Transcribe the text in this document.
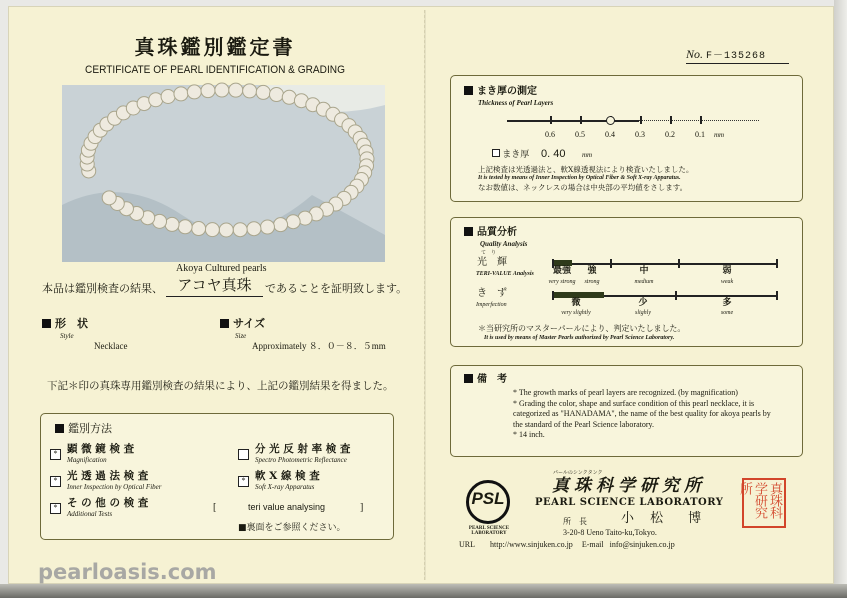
真珠鑑別鑑定書
CERTIFICATE OF PEARL IDENTIFICATION & GRADING
Akoya Cultured pearls
本品は鑑別検査の結果、 アコヤ真珠	であることを証明致します。
形　状
Style
Necklace
サイズ
Size
Approximately ８．０－８．５mm
下記＊印の真珠専用鑑別検査の結果により、上記の鑑別結果を得ました。
鑑別方法
* 顕 微 鏡 検 査
Magnification
* 光 透 過 法 検 査
Inner Inspection by Optical Fiber
* そ の 他 の 検 査
Additional Tests
分 光 反 射 率 検 査
Spectro Photometric Reflectance
* 軟 X 線 検 査
Soft X-ray Apparatus
[	teri value analysing	]
■裏面をご参照ください。
pearloasis.com
No. F－135268
まき厚の測定
Thickness of Pearl Layers
0.6	0.5	0.4	0.3	0.2	0.1	mm
まき厚 0. 40 mm
上記検査は光透過法と、軟X線透視法により検査いたしました。
It is tested by means of Inner Inspection by Optical Fiber & Soft X-ray Apparatus.
なお数値は、ネックレスの場合は中央部の平均値をさします。
品質分析
Quality Analysis
て　り
光　輝
TERI-VALUE Analysis	最強
very strong
強
strong
中
medium
弱
weak
き　ず
Imperfection	微
very slightly
少
slighly
多
some
＊当研究所のマスターパールにより、判定いたしました。
It is used by means of Master Pearls authorized by Pearl Science Laboratory.
備　考
* The growth marks of pearl layers are recognized. (by magnification)
* Grading the color, shape and surface condition of this pearl necklace, it is categorized as "HANADAMA", the name of the best quality for akoya pearls by the standard of the Pearl Science laboratory.
* 14 inch.
PSL
PEARL SCIENCE LABORATORY
パールのシンクタンク
真珠科学研究所
PEARL SCIENCE LABORATORY
所　長	小 松　博
3-20-8 Ueno Taito-ku,Tokyo.
URL http://www.sinjuken.co.jp E-mail info@sinjuken.co.jp
真珠科学研究所
